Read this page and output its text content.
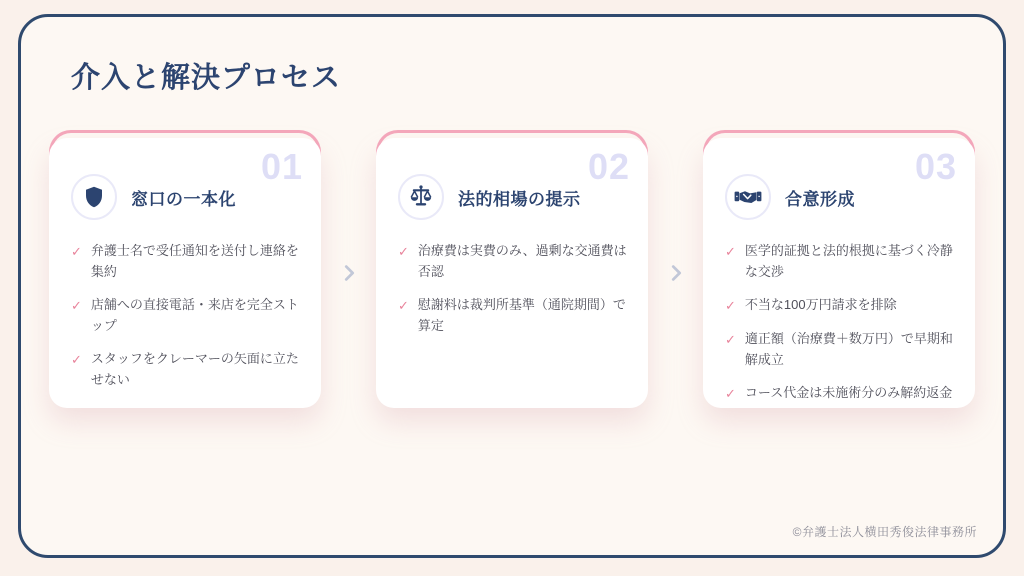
介入と解決プロセス
01
窓口の一本化
✓ 弁護士名で受任通知を送付し連絡を集約
✓ 店舗への直接電話・来店を完全ストップ
✓ スタッフをクレーマーの矢面に立たせない
02
法的相場の提示
✓ 治療費は実費のみ、過剰な交通費は否認
✓ 慰謝料は裁判所基準（通院期間）で算定
03
合意形成
✓ 医学的証拠と法的根拠に基づく冷静な交渉
✓ 不当な100万円請求を排除
✓ 適正額（治療費＋数万円）で早期和解成立
✓ コース代金は未施術分のみ解約返金
©弁護士法人横田秀俊法律事務所
